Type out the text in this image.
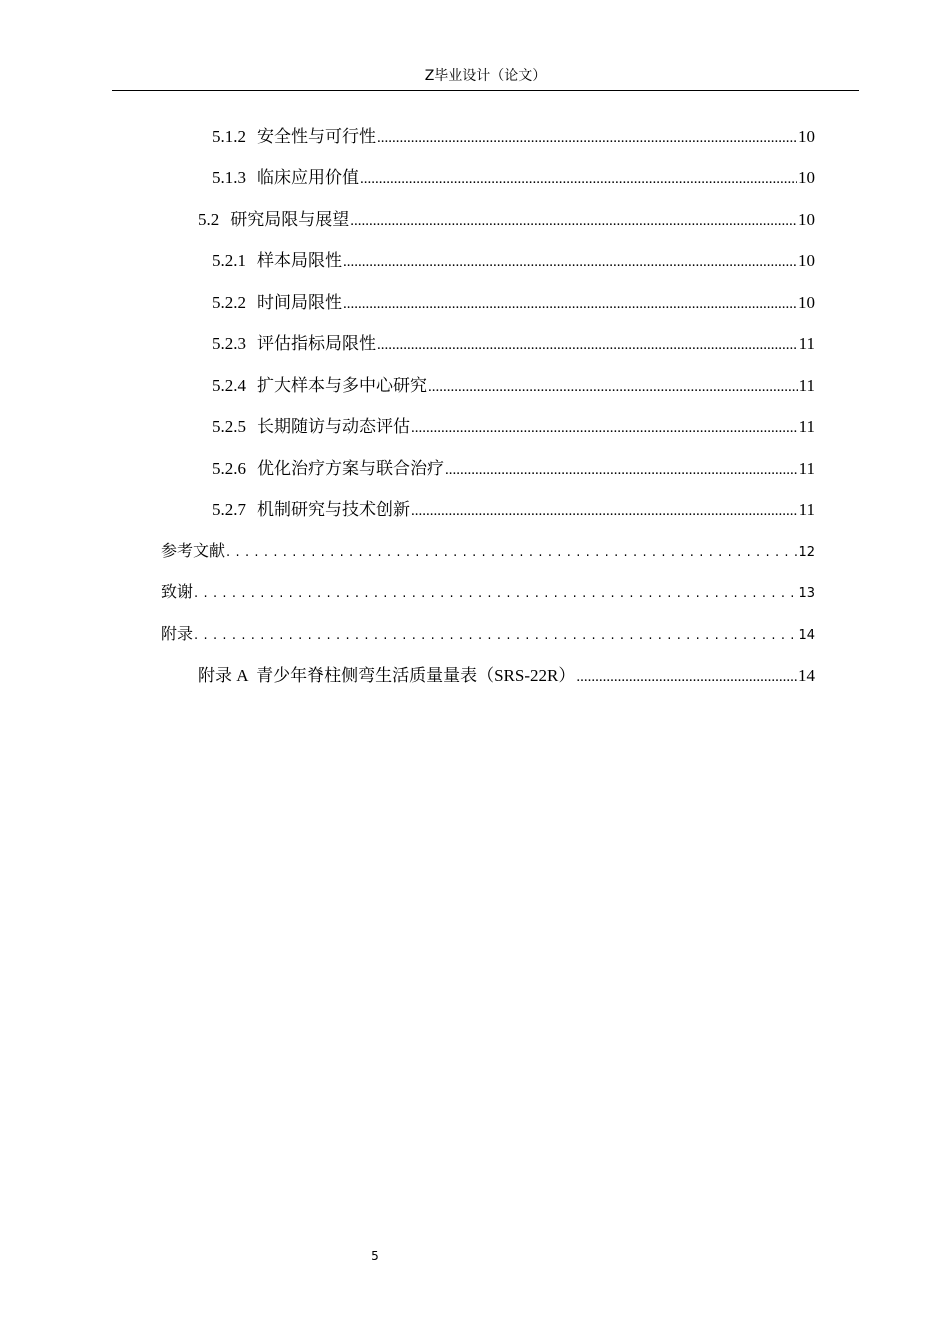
Z毕业设计（论文）
5.1.2 安全性与可行性 .....	10
5.1.3 临床应用价值 .....	10
5.2 研究局限与展望 .....	10
5.2.1 样本局限性 .....	10
5.2.2 时间局限性 .....	10
5.2.3 评估指标局限性 .....	11
5.2.4 扩大样本与多中心研究 .....	11
5.2.5 长期随访与动态评估 .....	11
5.2.6 优化治疗方案与联合治疗 .....	11
5.2.7 机制研究与技术创新 .....	11
参考文献 . . .	12
致谢 . . .	13
附录 . . .	14
附录 A  青少年脊柱侧弯生活质量量表（SRS-22R） .....	14
5
